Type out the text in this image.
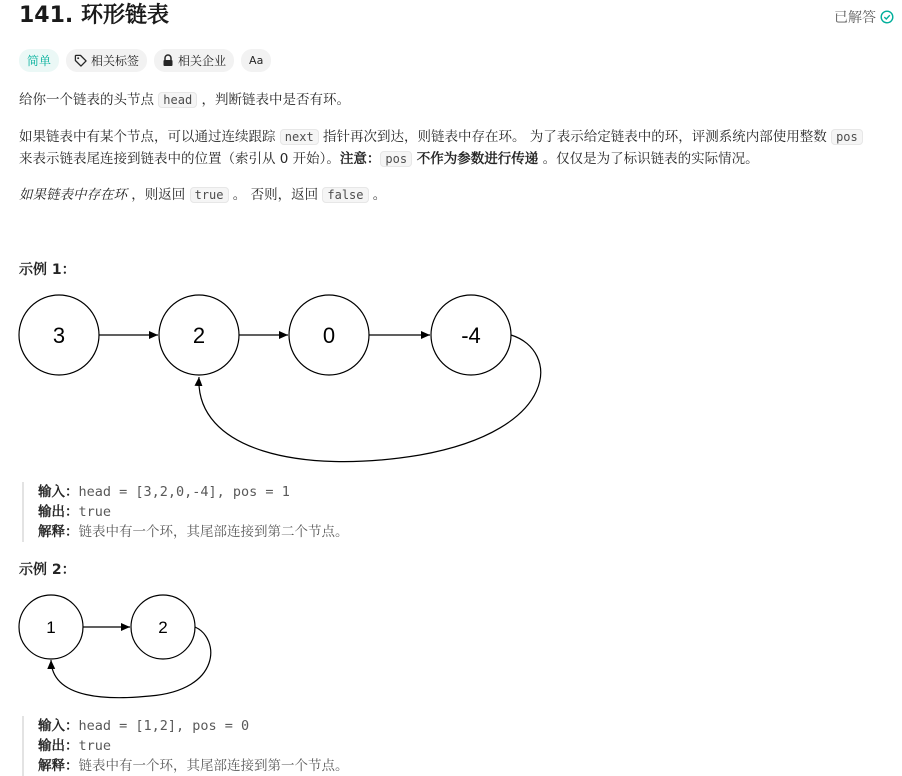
141. 环形链表	已解答
简单	相关标签	相关企业 Aa

给你一个链表的头节点 head ，判断链表中是否有环。

如果链表中有某个节点，可以通过连续跟踪 next 指针再次到达，则链表中存在环。 为了表示给定链表中的环，评测系统内部使用整数 pos
来表示链表尾连接到链表中的位置（索引从 0 开始）。注意： pos 不作为参数进行传递 。仅仅是为了标识链表的实际情况。

如果链表中存在环 ，则返回 true 。 否则，返回 false 。

示例 1：
3	2	0	-4
输入：head = [3,2,0,-4], pos = 1
输出：true
解释：链表中有一个环，其尾部连接到第二个节点。
示例 2：
1	2
输入：head = [1,2], pos = 0
输出：true
解释：链表中有一个环，其尾部连接到第一个节点。
